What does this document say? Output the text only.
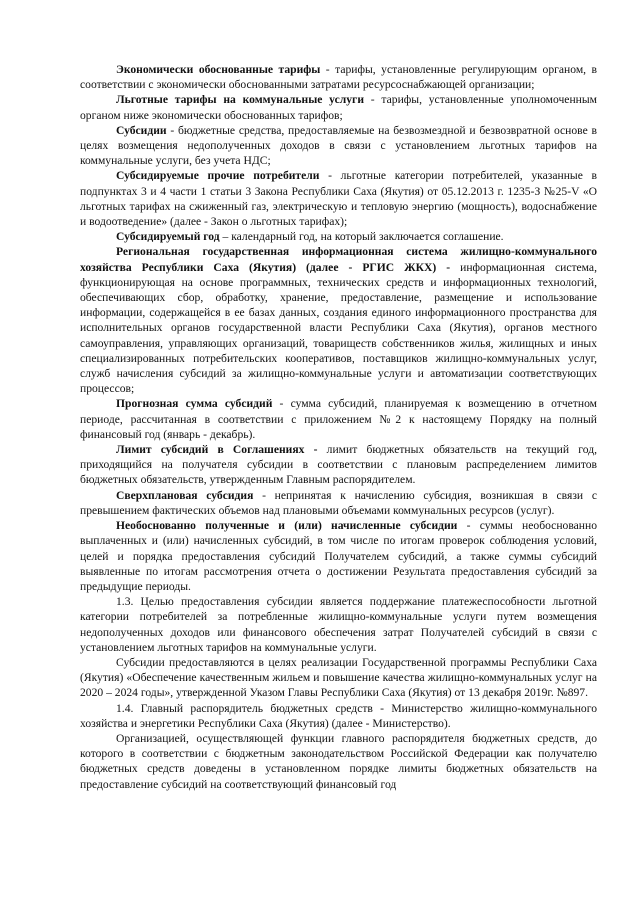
Экономически обоснованные тарифы - тарифы, установленные регулирующим органом, в соответствии с экономически обоснованными затратами ресурсоснабжающей организации;

Льготные тарифы на коммунальные услуги - тарифы, установленные уполномоченным органом ниже экономически обоснованных тарифов;

Субсидии - бюджетные средства, предоставляемые на безвозмездной и безвозвратной основе в целях возмещения недополученных доходов в связи с установлением льготных тарифов на коммунальные услуги, без учета НДС;

Субсидируемые прочие потребители - льготные категории потребителей, указанные в подпунктах 3 и 4 части 1 статьи 3 Закона Республики Саха (Якутия) от 05.12.2013 г. 1235-З №25-V «О льготных тарифах на сжиженный газ, электрическую и тепловую энергию (мощность), водоснабжение и водоотведение» (далее - Закон о льготных тарифах);

Субсидируемый год – календарный год, на который заключается соглашение.

Региональная государственная информационная система жилищно-коммунального хозяйства Республики Саха (Якутия) (далее - РГИС ЖКХ) - информационная система, функционирующая на основе программных, технических средств и информационных технологий, обеспечивающих сбор, обработку, хранение, предоставление, размещение и использование информации, содержащейся в ее базах данных, создания единого информационного пространства для исполнительных органов государственной власти Республики Саха (Якутия), органов местного самоуправления, управляющих организаций, товариществ собственников жилья, жилищных и иных специализированных потребительских кооперативов, поставщиков жилищно-коммунальных услуг, служб начисления субсидий за жилищно-коммунальные услуги и автоматизации соответствующих процессов;

Прогнозная сумма субсидий - сумма субсидий, планируемая к возмещению в отчетном периоде, рассчитанная в соответствии с приложением №2 к настоящему Порядку на полный финансовый год (январь - декабрь).

Лимит субсидий в Соглашениях - лимит бюджетных обязательств на текущий год, приходящийся на получателя субсидии в соответствии с плановым распределением лимитов бюджетных обязательств, утвержденным Главным распорядителем.

Сверхплановая субсидия - непринятая к начислению субсидия, возникшая в связи с превышением фактических объемов над плановыми объемами коммунальных ресурсов (услуг).

Необоснованно полученные и (или) начисленные субсидии - суммы необоснованно выплаченных и (или) начисленных субсидий, в том числе по итогам проверок соблюдения условий, целей и порядка предоставления субсидий Получателем субсидий, а также суммы субсидий выявленные по итогам рассмотрения отчета о достижении Результата предоставления субсидий за предыдущие периоды.

1.3. Целью предоставления субсидии является поддержание платежеспособности льготной категории потребителей за потребленные жилищно-коммунальные услуги путем возмещения недополученных доходов или финансового обеспечения затрат Получателей субсидий в связи с установлением льготных тарифов на коммунальные услуги.

Субсидии предоставляются в целях реализации Государственной программы Республики Саха (Якутия) «Обеспечение качественным жильем и повышение качества жилищно-коммунальных услуг на 2020 – 2024 годы», утвержденной Указом Главы Республики Саха (Якутия) от 13 декабря 2019г. №897.

1.4. Главный распорядитель бюджетных средств - Министерство жилищно-коммунального хозяйства и энергетики Республики Саха (Якутия) (далее - Министерство).

Организацией, осуществляющей функции главного распорядителя бюджетных средств, до которого в соответствии с бюджетным законодательством Российской Федерации как получателю бюджетных средств доведены в установленном порядке лимиты бюджетных обязательств на предоставление субсидий на соответствующий финансовый год
